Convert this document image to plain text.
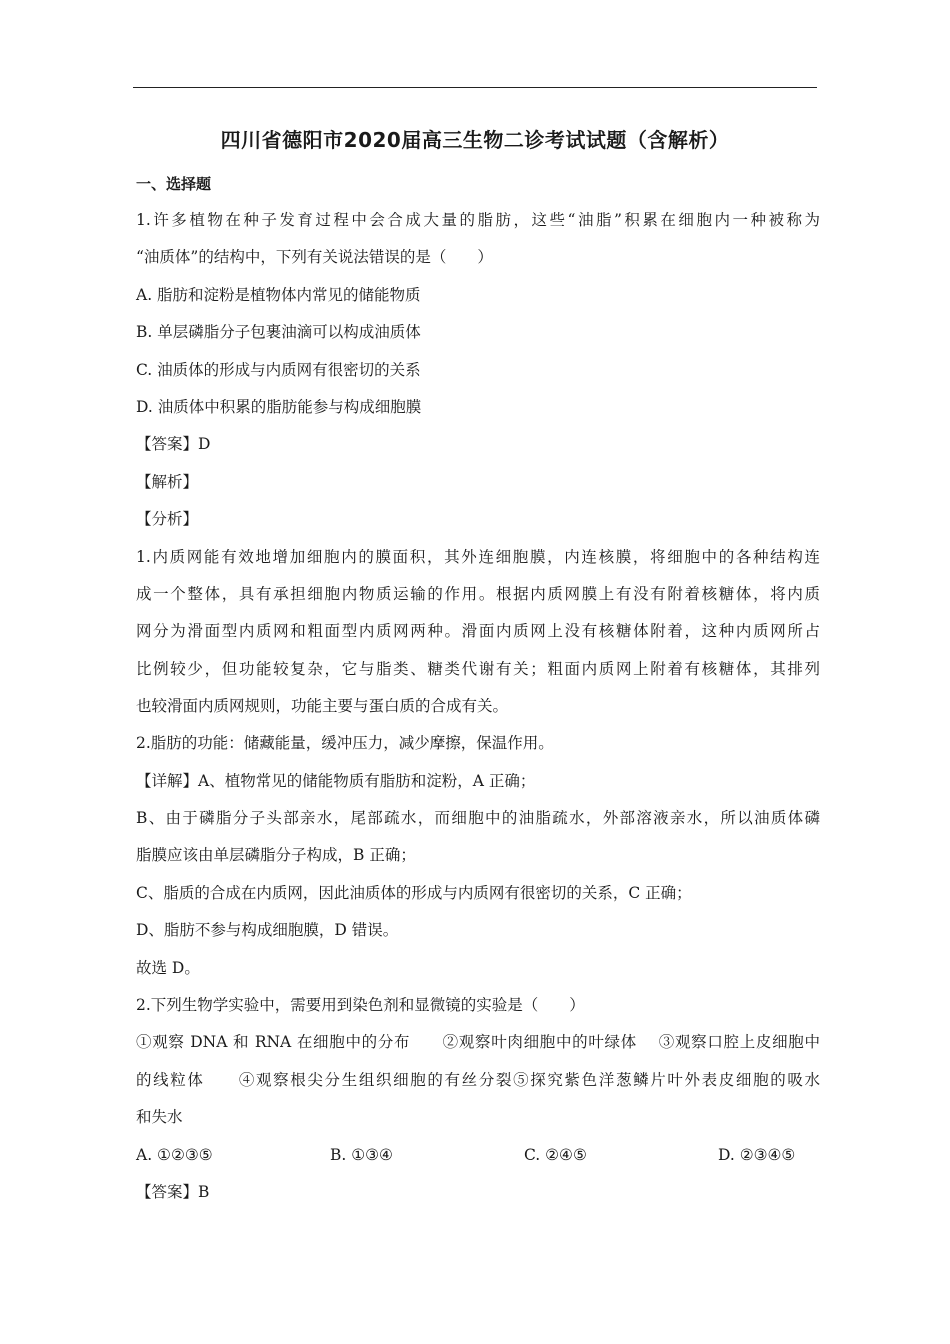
四川省德阳市2020届高三生物二诊考试试题（含解析）
一、选择题
1.许多植物在种子发育过程中会合成大量的脂肪，这些“油脂”积累在细胞内一种被称为
“油质体”的结构中，下列有关说法错误的是（　　）
A. 脂肪和淀粉是植物体内常见的储能物质
B. 单层磷脂分子包裹油滴可以构成油质体
C. 油质体的形成与内质网有很密切的关系
D. 油质体中积累的脂肪能参与构成细胞膜
【答案】D
【解析】
【分析】
1.内质网能有效地增加细胞内的膜面积，其外连细胞膜，内连核膜，将细胞中的各种结构连
成一个整体，具有承担细胞内物质运输的作用。根据内质网膜上有没有附着核糖体，将内质
网分为滑面型内质网和粗面型内质网两种。滑面内质网上没有核糖体附着，这种内质网所占
比例较少，但功能较复杂，它与脂类、糖类代谢有关；粗面内质网上附着有核糖体，其排列
也较滑面内质网规则，功能主要与蛋白质的合成有关。
2.脂肪的功能：储藏能量，缓冲压力，减少摩擦，保温作用。
【详解】A、植物常见的储能物质有脂肪和淀粉，A 正确；
B、由于磷脂分子头部亲水，尾部疏水，而细胞中的油脂疏水，外部溶液亲水，所以油质体磷
脂膜应该由单层磷脂分子构成，B 正确；
C、脂质的合成在内质网，因此油质体的形成与内质网有很密切的关系，C 正确；
D、脂肪不参与构成细胞膜，D 错误。
故选 D。
2.下列生物学实验中，需要用到染色剂和显微镜的实验是（　　）
①观察 DNA 和 RNA 在细胞中的分布　　②观察叶肉细胞中的叶绿体　 ③观察口腔上皮细胞中
的线粒体　　④观察根尖分生组织细胞的有丝分裂⑤探究紫色洋葱鳞片叶外表皮细胞的吸水
和失水
A. ①②③⑤	B. ①③④	C. ②④⑤	D. ②③④⑤
【答案】B
